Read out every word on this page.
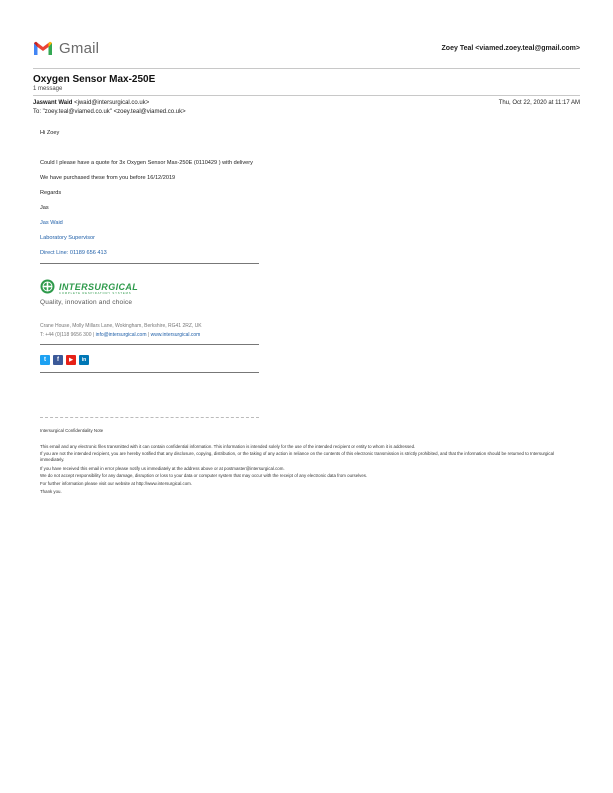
Gmail	Zoey Teal <viamed.zoey.teal@gmail.com>
Oxygen Sensor Max-250E
1 message
Jaswant Waid <jwaid@intersurgical.co.uk>	Thu, Oct 22, 2020 at 11:17 AM
To: "zoey.teal@viamed.co.uk" <zoey.teal@viamed.co.uk>
Hi Zoey
Could I please have a quote for 3x Oxygen Sensor Max-250E (0110429 ) with delivery
We have purchased these from you before 16/12/2019
Regards
Jas
Jas Waid
Laboratory Supervisor
Direct Line: 01189 656 413
INTERSURGICAL
COMPLETE RESPIRATORY SYSTEMS
Quality, innovation and choice
Crane House, Molly Millars Lane, Wokingham, Berkshire, RG41 2RZ, UK
T: +44 (0)118 9656 300 | info@intersurgical.com | www.intersurgical.com
t	f	▶	in
Intersurgical Confidentiality Note
This email and any electronic files transmitted with it can contain confidential information. This information is intended solely for the use of the intended recipient or entity to whom it is addressed.
If you are not the intended recipient, you are hereby notified that any disclosure, copying, distribution, or the taking of any action in reliance on the contents of this electronic transmission is strictly prohibited, and that the information should be returned to Intersurgical immediately.
If you have received this email in error please notify us immediately at the address above or at postmaster@intersurgical.com.
We do not accept responsibility for any damage, disruption or loss to your data or computer system that may occur with the receipt of any electronic data from ourselves.
For further information please visit our website at http://www.intersurgical.com.
Thank you.
